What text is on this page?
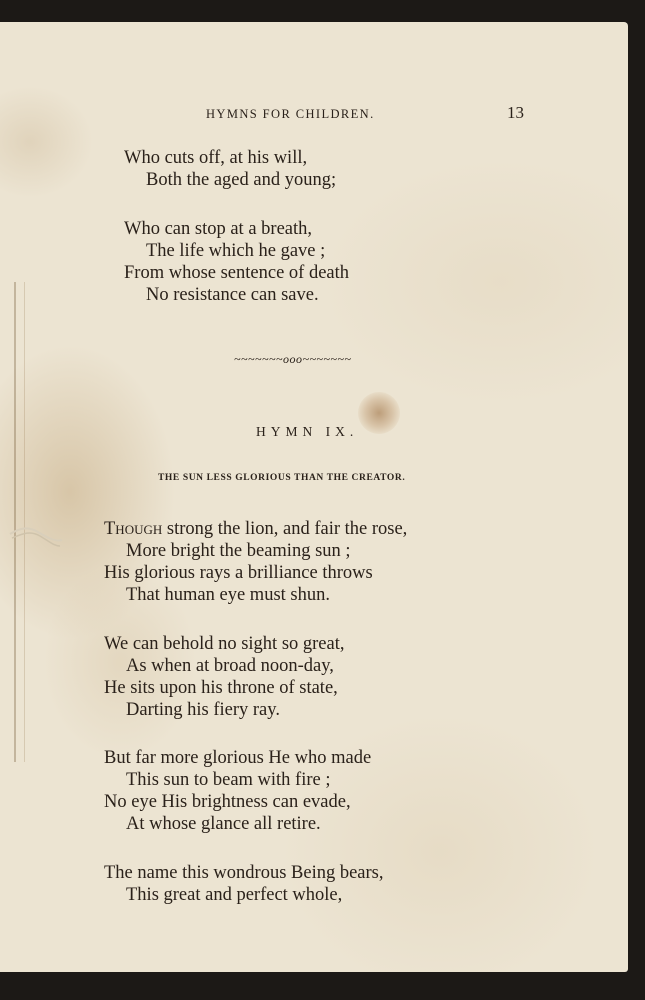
HYMNS FOR CHILDREN.	13
Who cuts off, at his will,
Both the aged and young;
Who can stop at a breath,
The life which he gave ;
From whose sentence of death
No resistance can save.
~~~~~~~ooo~~~~~~~
HYMN IX.
THE SUN LESS GLORIOUS THAN THE CREATOR.
Though strong the lion, and fair the rose,
More bright the beaming sun ;
His glorious rays a brilliance throws
That human eye must shun.
We can behold no sight so great,
As when at broad noon-day,
He sits upon his throne of state,
Darting his fiery ray.
But far more glorious He who made
This sun to beam with fire ;
No eye His brightness can evade,
At whose glance all retire.
The name this wondrous Being bears,
This great and perfect whole,
